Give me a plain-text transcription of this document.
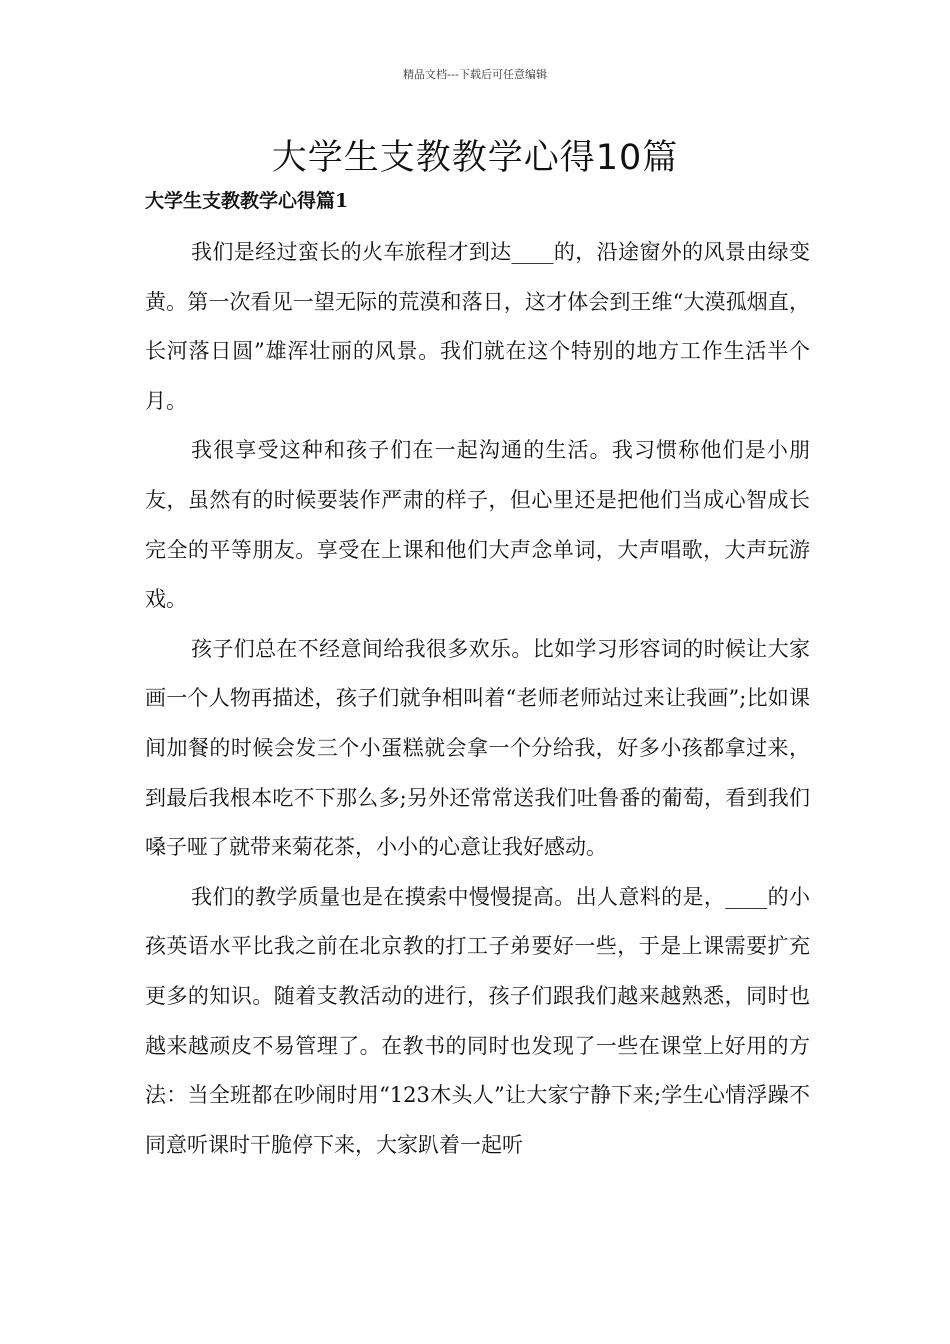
精品文档---下载后可任意编辑
大学生支教教学心得10篇
大学生支教教学心得篇1

我们是经过蛮长的火车旅程才到达____的，沿途窗外的风景由绿变黄。第一次看见一望无际的荒漠和落日，这才体会到王维“大漠孤烟直，长河落日圆”雄浑壮丽的风景。我们就在这个特别的地方工作生活半个月。

我很享受这种和孩子们在一起沟通的生活。我习惯称他们是小朋友，虽然有的时候要装作严肃的样子，但心里还是把他们当成心智成长完全的平等朋友。享受在上课和他们大声念单词，大声唱歌，大声玩游戏。

孩子们总在不经意间给我很多欢乐。比如学习形容词的时候让大家画一个人物再描述，孩子们就争相叫着“老师老师站过来让我画”;比如课间加餐的时候会发三个小蛋糕就会拿一个分给我，好多小孩都拿过来，到最后我根本吃不下那么多;另外还常常送我们吐鲁番的葡萄，看到我们嗓子哑了就带来菊花茶，小小的心意让我好感动。

我们的教学质量也是在摸索中慢慢提高。出人意料的是，____的小孩英语水平比我之前在北京教的打工子弟要好一些，于是上课需要扩充更多的知识。随着支教活动的进行，孩子们跟我们越来越熟悉，同时也越来越顽皮不易管理了。在教书的同时也发现了一些在课堂上好用的方法：当全班都在吵闹时用“123木头人”让大家宁静下来;学生心情浮躁不同意听课时干脆停下来，大家趴着一起听
